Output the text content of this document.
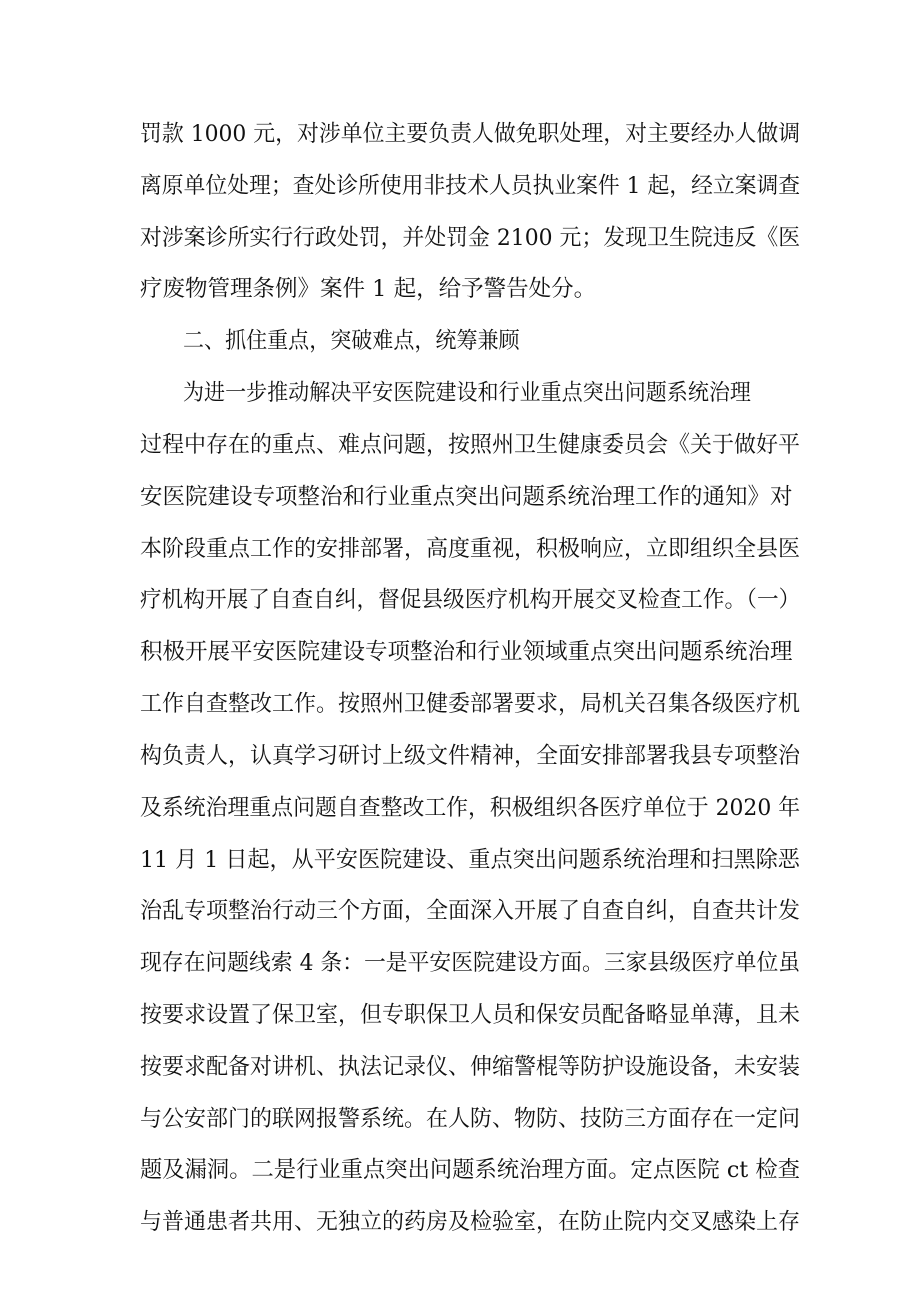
罚款 1000 元，对涉单位主要负责人做免职处理，对主要经办人做调
离原单位处理；查处诊所使用非技术人员执业案件 1 起，经立案调查
对涉案诊所实行行政处罚，并处罚金 2100 元；发现卫生院违反《医
疗废物管理条例》案件 1 起，给予警告处分。
二、抓住重点，突破难点，统筹兼顾
为进一步推动解决平安医院建设和行业重点突出问题系统治理
过程中存在的重点、难点问题，按照州卫生健康委员会《关于做好平
安医院建设专项整治和行业重点突出问题系统治理工作的通知》对
本阶段重点工作的安排部署，高度重视，积极响应，立即组织全县医
疗机构开展了自查自纠，督促县级医疗机构开展交叉检查工作。（一）
积极开展平安医院建设专项整治和行业领域重点突出问题系统治理
工作自查整改工作。按照州卫健委部署要求，局机关召集各级医疗机
构负责人，认真学习研讨上级文件精神，全面安排部署我县专项整治
及系统治理重点问题自查整改工作，积极组织各医疗单位于 2020 年
11 月 1 日起，从平安医院建设、重点突出问题系统治理和扫黑除恶
治乱专项整治行动三个方面，全面深入开展了自查自纠，自查共计发
现存在问题线索 4 条：一是平安医院建设方面。三家县级医疗单位虽
按要求设置了保卫室，但专职保卫人员和保安员配备略显单薄，且未
按要求配备对讲机、执法记录仪、伸缩警棍等防护设施设备，未安装
与公安部门的联网报警系统。在人防、物防、技防三方面存在一定问
题及漏洞。二是行业重点突出问题系统治理方面。定点医院 ct 检查
与普通患者共用、无独立的药房及检验室，在防止院内交叉感染上存
